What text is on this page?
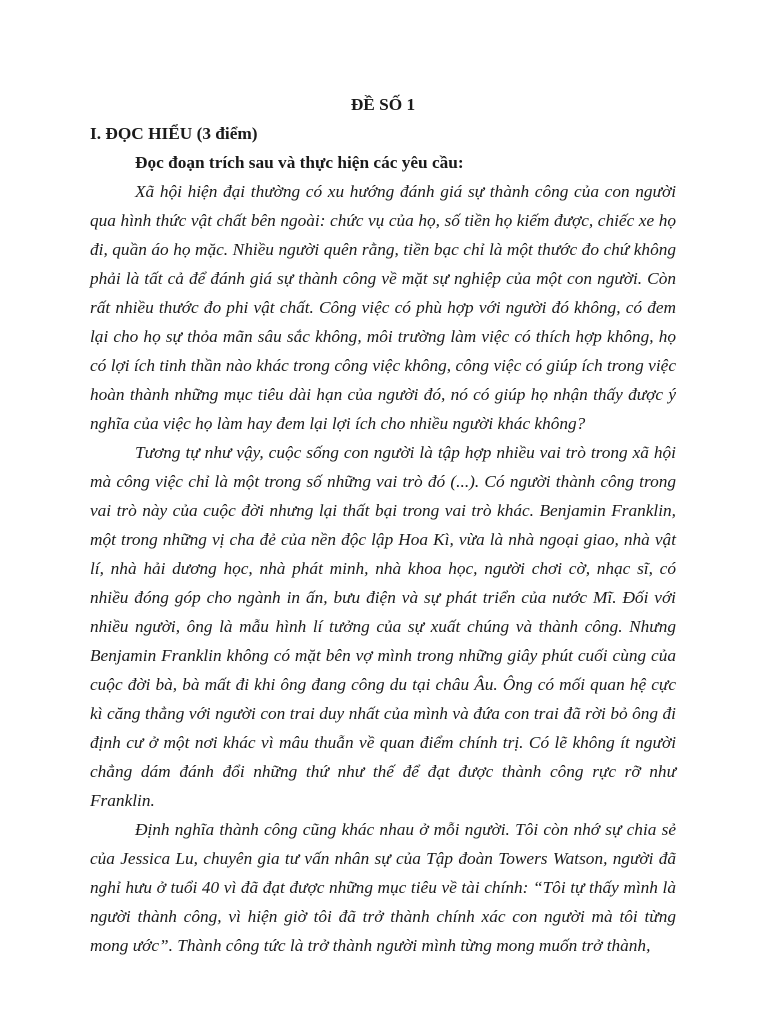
ĐỀ SỐ 1

I. ĐỌC HIỂU (3 điểm)

Đọc đoạn trích sau và thực hiện các yêu cầu:

Xã hội hiện đại thường có xu hướng đánh giá sự thành công của con người qua hình thức vật chất bên ngoài: chức vụ của họ, số tiền họ kiếm được, chiếc xe họ đi, quần áo họ mặc. Nhiều người quên rằng, tiền bạc chỉ là một thước đo chứ không phải là tất cả để đánh giá sự thành công về mặt sự nghiệp của một con người. Còn rất nhiều thước đo phi vật chất. Công việc có phù hợp với người đó không, có đem lại cho họ sự thỏa mãn sâu sắc không, môi trường làm việc có thích hợp không, họ có lợi ích tinh thần nào khác trong công việc không, công việc có giúp ích trong việc hoàn thành những mục tiêu dài hạn của người đó, nó có giúp họ nhận thấy được ý nghĩa của việc họ làm hay đem lại lợi ích cho nhiều người khác không?

Tương tự như vậy, cuộc sống con người là tập hợp nhiều vai trò trong xã hội mà công việc chỉ là một trong số những vai trò đó (...). Có người thành công trong vai trò này của cuộc đời nhưng lại thất bại trong vai trò khác. Benjamin Franklin, một trong những vị cha đẻ của nền độc lập Hoa Kì, vừa là nhà ngoại giao, nhà vật lí, nhà hải dương học, nhà phát minh, nhà khoa học, người chơi cờ, nhạc sĩ, có nhiều đóng góp cho ngành in ấn, bưu điện và sự phát triển của nước Mĩ. Đối với nhiều người, ông là mẫu hình lí tưởng của sự xuất chúng và thành công. Nhưng Benjamin Franklin không có mặt bên vợ mình trong những giây phút cuối cùng của cuộc đời bà, bà mất đi khi ông đang công du tại châu Âu. Ông có mối quan hệ cực kì căng thẳng với người con trai duy nhất của mình và đứa con trai đã rời bỏ ông đi định cư ở một nơi khác vì mâu thuẫn về quan điểm chính trị. Có lẽ không ít người chẳng dám đánh đổi những thứ như thế để đạt được thành công rực rỡ như Franklin.

Định nghĩa thành công cũng khác nhau ở mỗi người. Tôi còn nhớ sự chia sẻ của Jessica Lu, chuyên gia tư vấn nhân sự của Tập đoàn Towers Watson, người đã nghỉ hưu ở tuổi 40 vì đã đạt được những mục tiêu về tài chính: “Tôi tự thấy mình là người thành công, vì hiện giờ tôi đã trở thành chính xác con người mà tôi từng mong ước”. Thành công tức là trở thành người mình từng mong muốn trở thành,
